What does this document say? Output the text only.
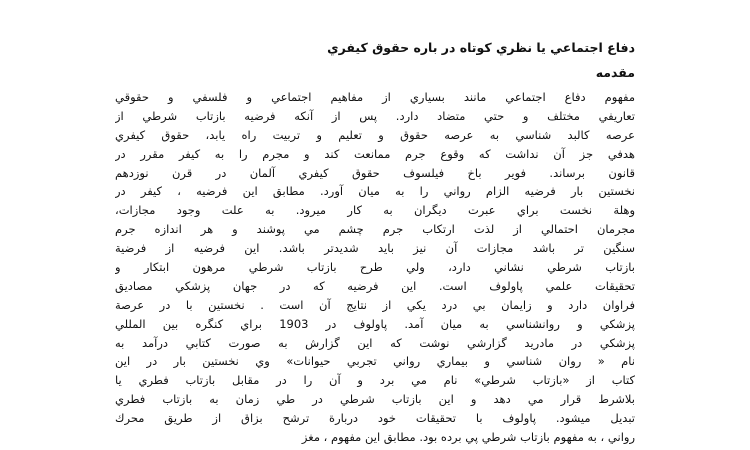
دفاع اجتماعي يا نظري كوتاه در باره حقوق كيفري
مقدمه
مفهوم دفاع اجتماعي مانند بسياري از مفاهيم اجتماعي و فلسفي و حقوقي
تعاريفي مختلف و حتي متضاد دارد. پس از آنكه فرضيه بازتاب شرطي از
عرصه كالبد شناسي به عرصه حقوق و تعليم و تربيت راه يابد، حقوق كيفري
هدفي جز آن نداشت كه وقوع جرم ممانعت كند و مجرم را به كيفر مقرر در
قانون برساند. فوير باخ فيلسوف حقوق كيفري آلمان در قرن نوزدهم
نخستين بار فرضيه الزام رواني را به ميان آورد. مطابق اين فرضيه ، كيفر در
وهلة نخست براي عبرت ديگران به كار ميرود. به علت وجود مجازات،
مجرمان احتمالي از لذت ارتكاب جرم چشم مي پوشند و هر اندازه جرم
سنگين تر باشد مجازات آن نيز بايد شديدتر باشد. اين فرضيه از فرضية
بازتاب شرطي نشاني دارد، ولي طرح بازتاب شرطي مرهون ابتكار و
تحقيقات علمي پاولوف است. اين فرضيه كه در جهان پزشكي مصاديق
فراوان دارد و زايمان بي درد يكي از نتايج آن است . نخستين با در عرصة
پزشكي و روانشناسي به ميان آمد. پاولوف در 1903 براي كنگره بين المللي
پزشكي در مادريد گزارشي نوشت كه اين گزارش به صورت كتابي درآمد به
نام « روان شناسي و بيماري رواني تجربي حيوانات» وي نخستين بار در اين
كتاب از «بازتاب شرطي» نام مي برد و آن را در مقابل بازتاب فطري يا
بلاشرط قرار مي دهد و اين بازتاب شرطي در طي زمان به بازتاب فطري
تبديل ميشود. پاولوف با تحقيقات خود دربارة ترشح بزاق از طريق محرك
رواني ، به مفهوم بازتاب شرطي پي برده بود. مطابق اين مفهوم ، مغز
